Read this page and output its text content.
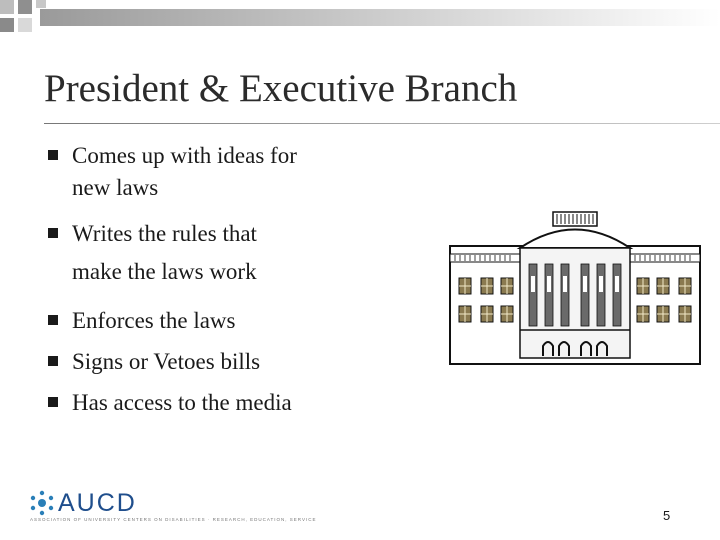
President & Executive Branch
Comes up with ideas for
new laws
Writes the rules that
make the laws work
Enforces the laws
Signs or Vetoes bills
Has access to the media
AUCD
ASSOCIATION OF UNIVERSITY CENTERS ON DISABILITIES · RESEARCH, EDUCATION, SERVICE	5
